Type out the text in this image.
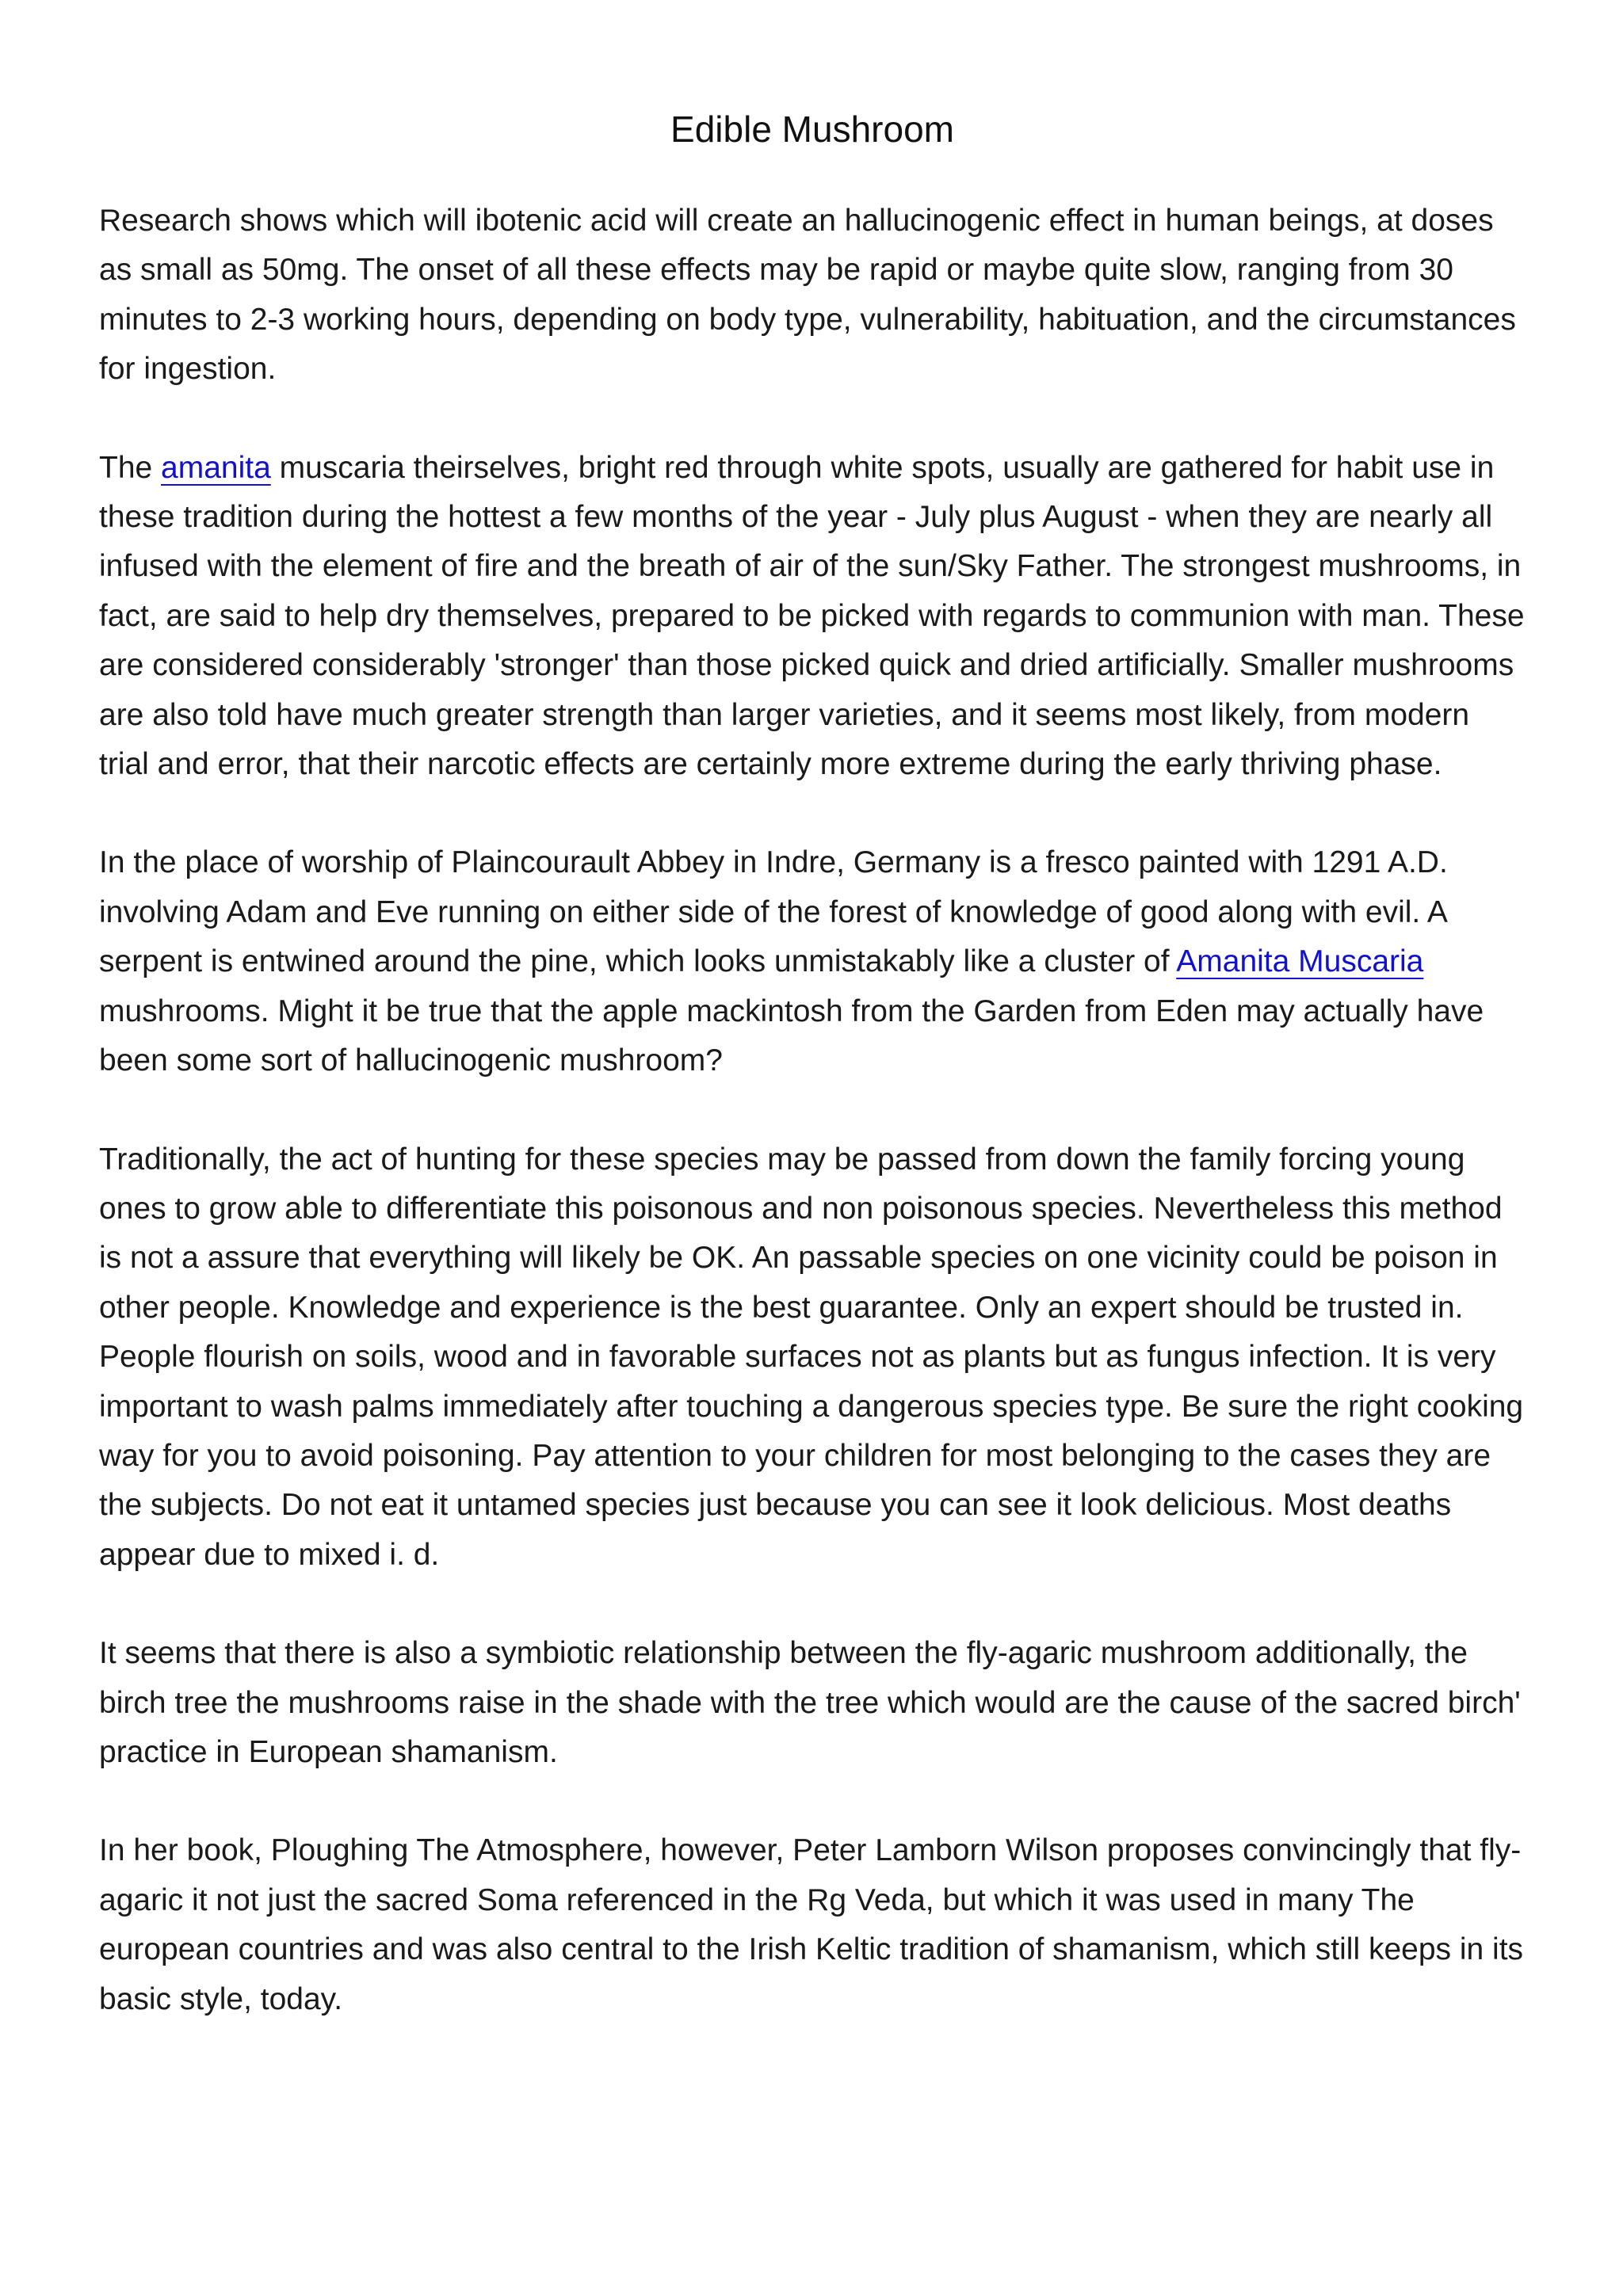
Edible Mushroom

Research shows which will ibotenic acid will create an hallucinogenic effect in human beings, at doses as small as 50mg. The onset of all these effects may be rapid or maybe quite slow, ranging from 30 minutes to 2-3 working hours, depending on body type, vulnerability, habituation, and the circumstances for ingestion.

The amanita muscaria theirselves, bright red through white spots, usually are gathered for habit use in these tradition during the hottest a few months of the year - July plus August - when they are nearly all infused with the element of fire and the breath of air of the sun/Sky Father. The strongest mushrooms, in fact, are said to help dry themselves, prepared to be picked with regards to communion with man. These are considered considerably 'stronger' than those picked quick and dried artificially. Smaller mushrooms are also told have much greater strength than larger varieties, and it seems most likely, from modern trial and error, that their narcotic effects are certainly more extreme during the early thriving phase.

In the place of worship of Plaincourault Abbey in Indre, Germany is a fresco painted with 1291 A.D. involving Adam and Eve running on either side of the forest of knowledge of good along with evil. A serpent is entwined around the pine, which looks unmistakably like a cluster of Amanita Muscaria mushrooms. Might it be true that the apple mackintosh from the Garden from Eden may actually have been some sort of hallucinogenic mushroom?

Traditionally, the act of hunting for these species may be passed from down the family forcing young ones to grow able to differentiate this poisonous and non poisonous species. Nevertheless this method is not a assure that everything will likely be OK. An passable species on one vicinity could be poison in other people. Knowledge and experience is the best guarantee. Only an expert should be trusted in. People flourish on soils, wood and in favorable surfaces not as plants but as fungus infection. It is very important to wash palms immediately after touching a dangerous species type. Be sure the right cooking way for you to avoid poisoning. Pay attention to your children for most belonging to the cases they are the subjects. Do not eat it untamed species just because you can see it look delicious. Most deaths appear due to mixed i. d.

It seems that there is also a symbiotic relationship between the fly-agaric mushroom additionally, the birch tree the mushrooms raise in the shade with the tree which would are the cause of the sacred birch' practice in European shamanism.

In her book, Ploughing The Atmosphere, however, Peter Lamborn Wilson proposes convincingly that fly-agaric it not just the sacred Soma referenced in the Rg Veda, but which it was used in many The european countries and was also central to the Irish Keltic tradition of shamanism, which still keeps in its basic style, today.
